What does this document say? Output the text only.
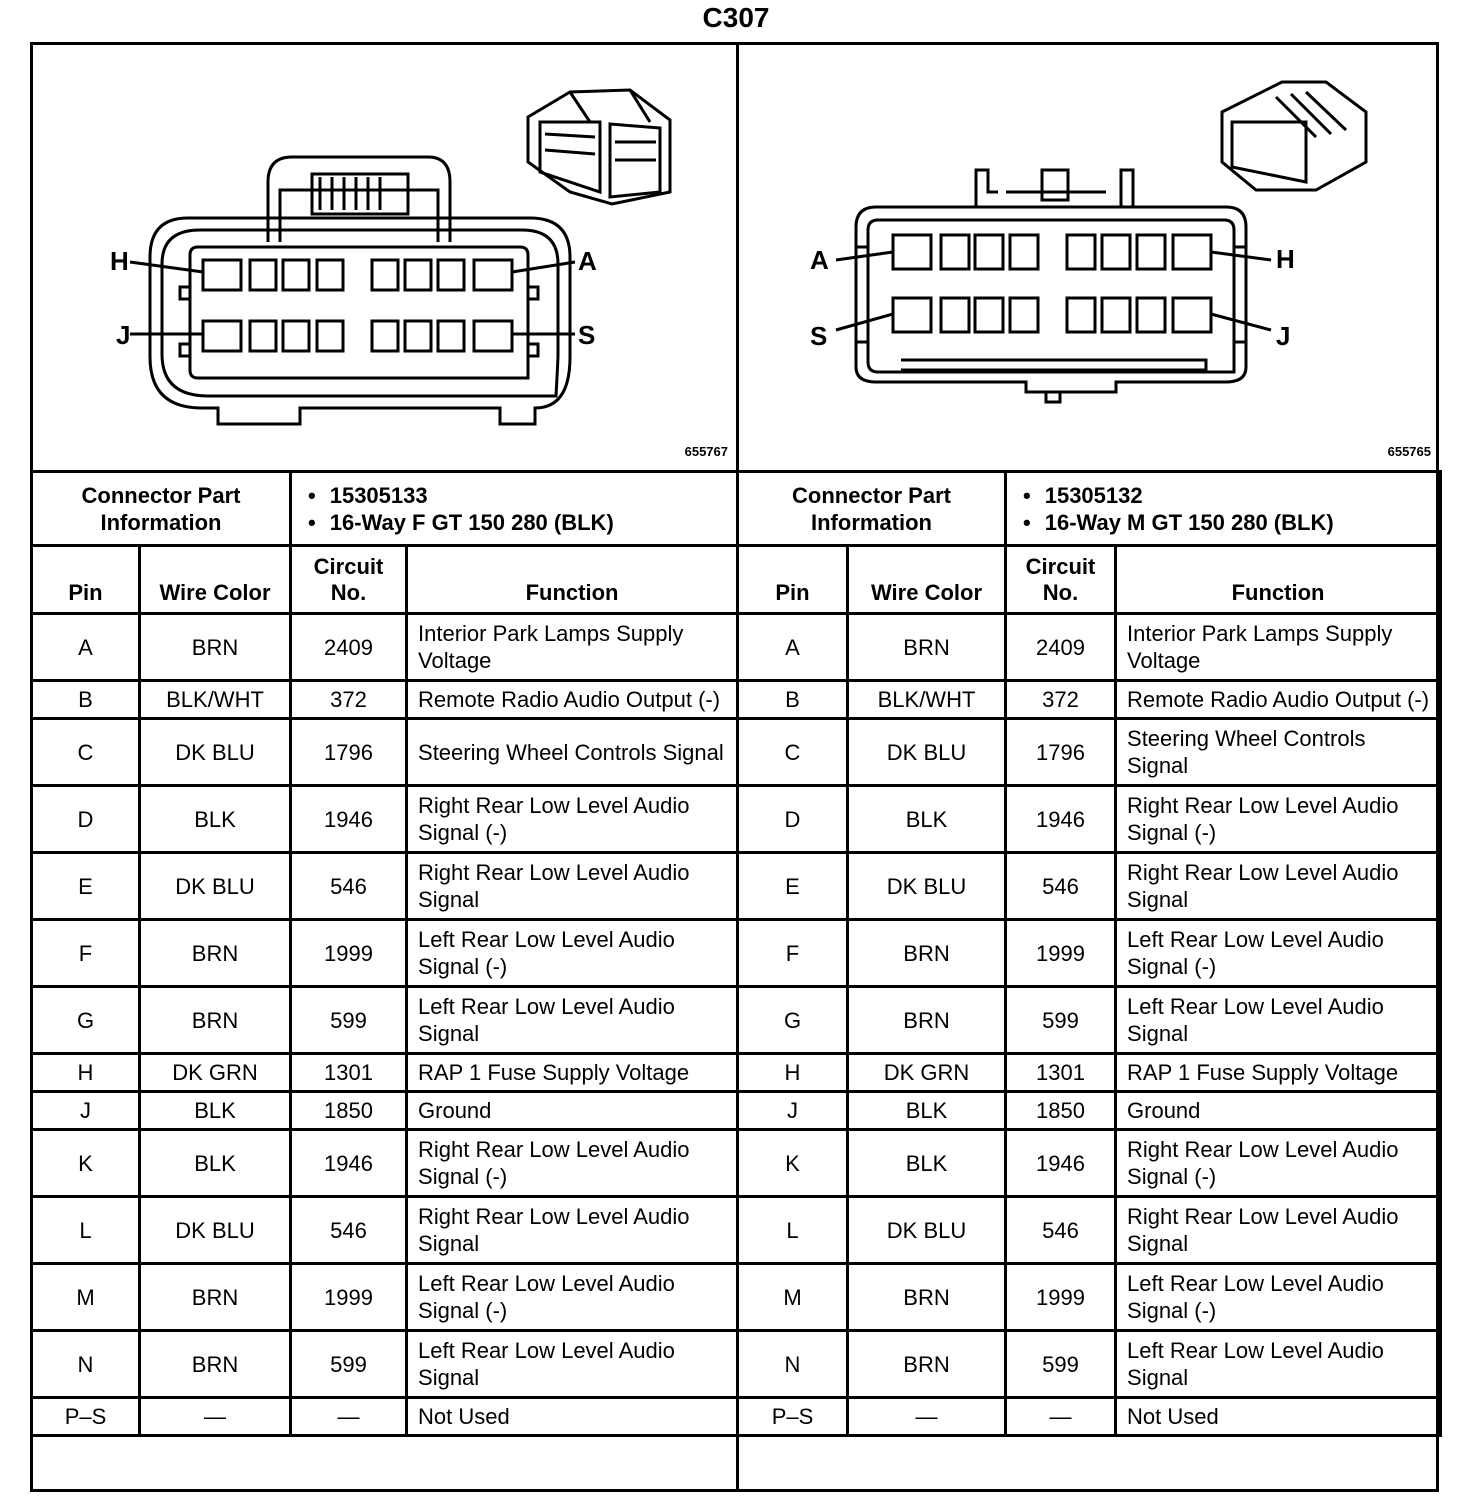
C307
H	A
J	S
655767
Connector Part Information		• 15305133
• 16-Way F GT 150 280 (BLK)

Pin	Wire Color	Circuit No.	Function
A	BRN	2409	Interior Park Lamps Supply Voltage
B	BLK/WHT	372	Remote Radio Audio Output (-)
C	DK BLU	1796	Steering Wheel Controls Signal
D	BLK	1946	Right Rear Low Level Audio Signal (-)
E	DK BLU	546	Right Rear Low Level Audio Signal
F	BRN	1999	Left Rear Low Level Audio Signal (-)
G	BRN	599	Left Rear Low Level Audio Signal
H	DK GRN	1301	RAP 1 Fuse Supply Voltage
J	BLK	1850	Ground
K	BLK	1946	Right Rear Low Level Audio Signal (-)
L	DK BLU	546	Right Rear Low Level Audio Signal
M	BRN	1999	Left Rear Low Level Audio Signal (-)
N	BRN	599	Left Rear Low Level Audio Signal
P–S	—	—	Not Used
A	H
S	J
655765
Connector Part Information		• 15305132
• 16-Way M GT 150 280 (BLK)

Pin	Wire Color	Circuit No.	Function
A	BRN	2409	Interior Park Lamps Supply Voltage
B	BLK/WHT	372	Remote Radio Audio Output (-)
C	DK BLU	1796	Steering Wheel Controls Signal
D	BLK	1946	Right Rear Low Level Audio Signal (-)
E	DK BLU	546	Right Rear Low Level Audio Signal
F	BRN	1999	Left Rear Low Level Audio Signal (-)
G	BRN	599	Left Rear Low Level Audio Signal
H	DK GRN	1301	RAP 1 Fuse Supply Voltage
J	BLK	1850	Ground
K	BLK	1946	Right Rear Low Level Audio Signal (-)
L	DK BLU	546	Right Rear Low Level Audio Signal
M	BRN	1999	Left Rear Low Level Audio Signal (-)
N	BRN	599	Left Rear Low Level Audio Signal
P–S	—	—	Not Used
